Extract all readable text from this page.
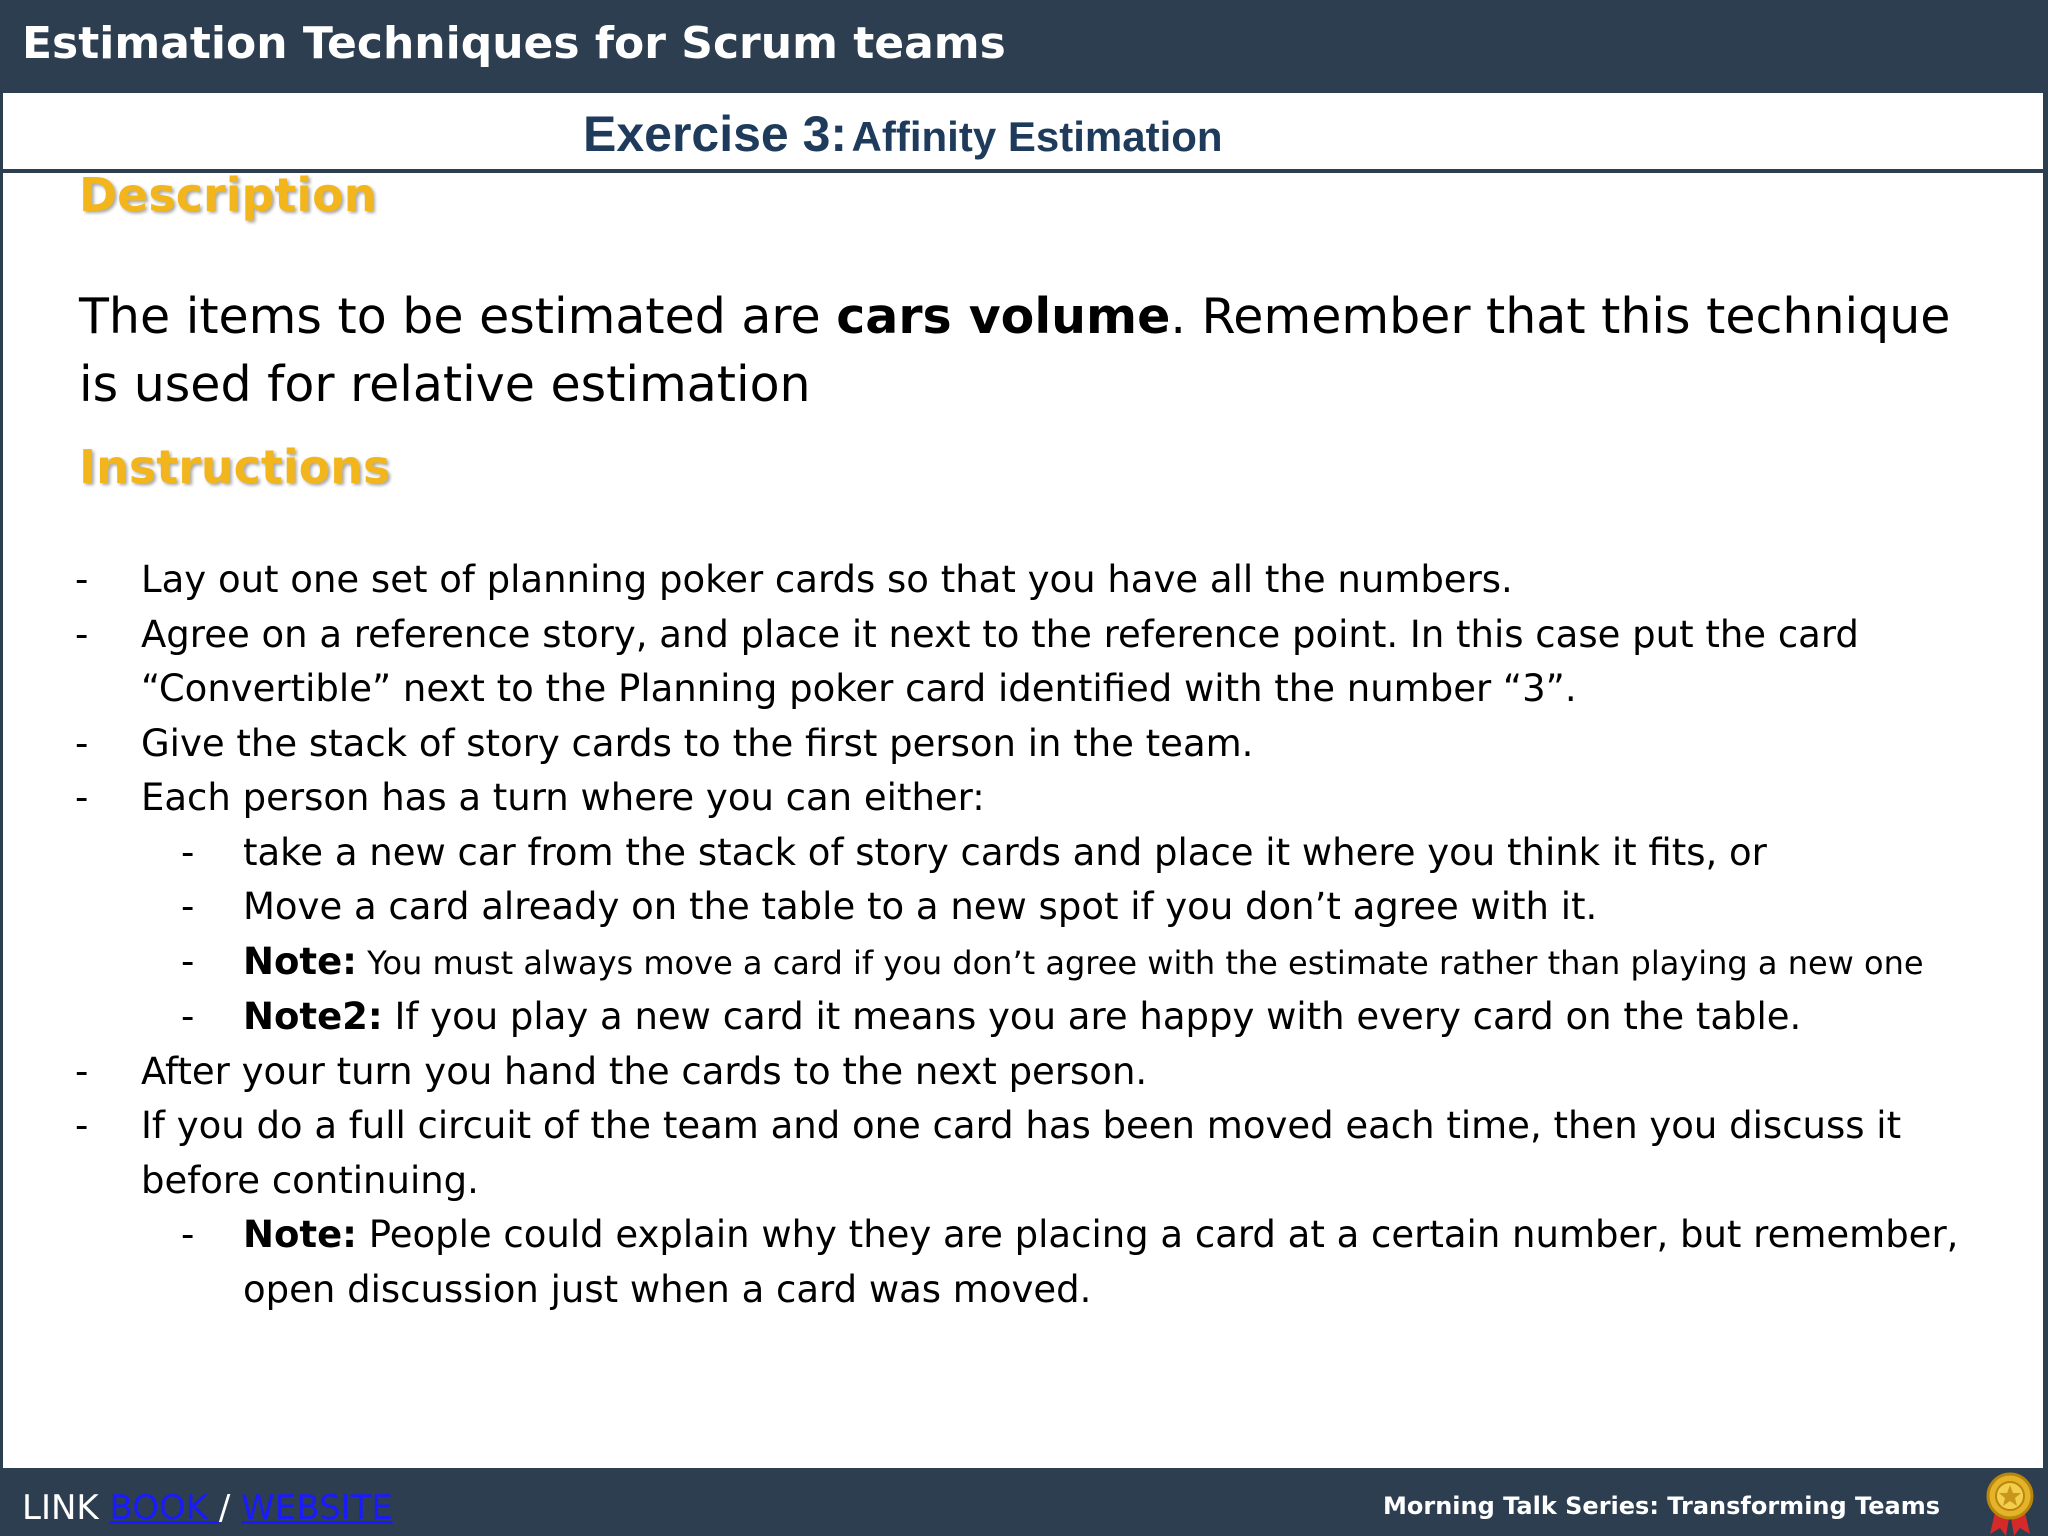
Estimation Techniques for Scrum teams
Exercise 3: Affinity Estimation
Description
The items to be estimated are cars volume. Remember that this technique is used for relative estimation
Instructions
- Lay out one set of planning poker cards so that you have all the numbers.
- Agree on a reference story, and place it next to the reference point. In this case put the card “Convertible” next to the Planning poker card identified with the number “3”.
- Give the stack of story cards to the first person in the team.
- Each person has a turn where you can either:
- take a new car from the stack of story cards and place it where you think it fits, or
- Move a card already on the table to a new spot if you don’t agree with it.
- Note: You must always move a card if you don’t agree with the estimate rather than playing a new one
- Note2: If you play a new card it means you are happy with every card on the table.
- After your turn you hand the cards to the next person.
- If you do a full circuit of the team and one card has been moved each time, then you discuss it before continuing.
- Note: People could explain why they are placing a card at a certain number, but remember, open discussion just when a card was moved.
LINK BOOK / WEBSITE	Morning Talk Series: Transforming Teams
